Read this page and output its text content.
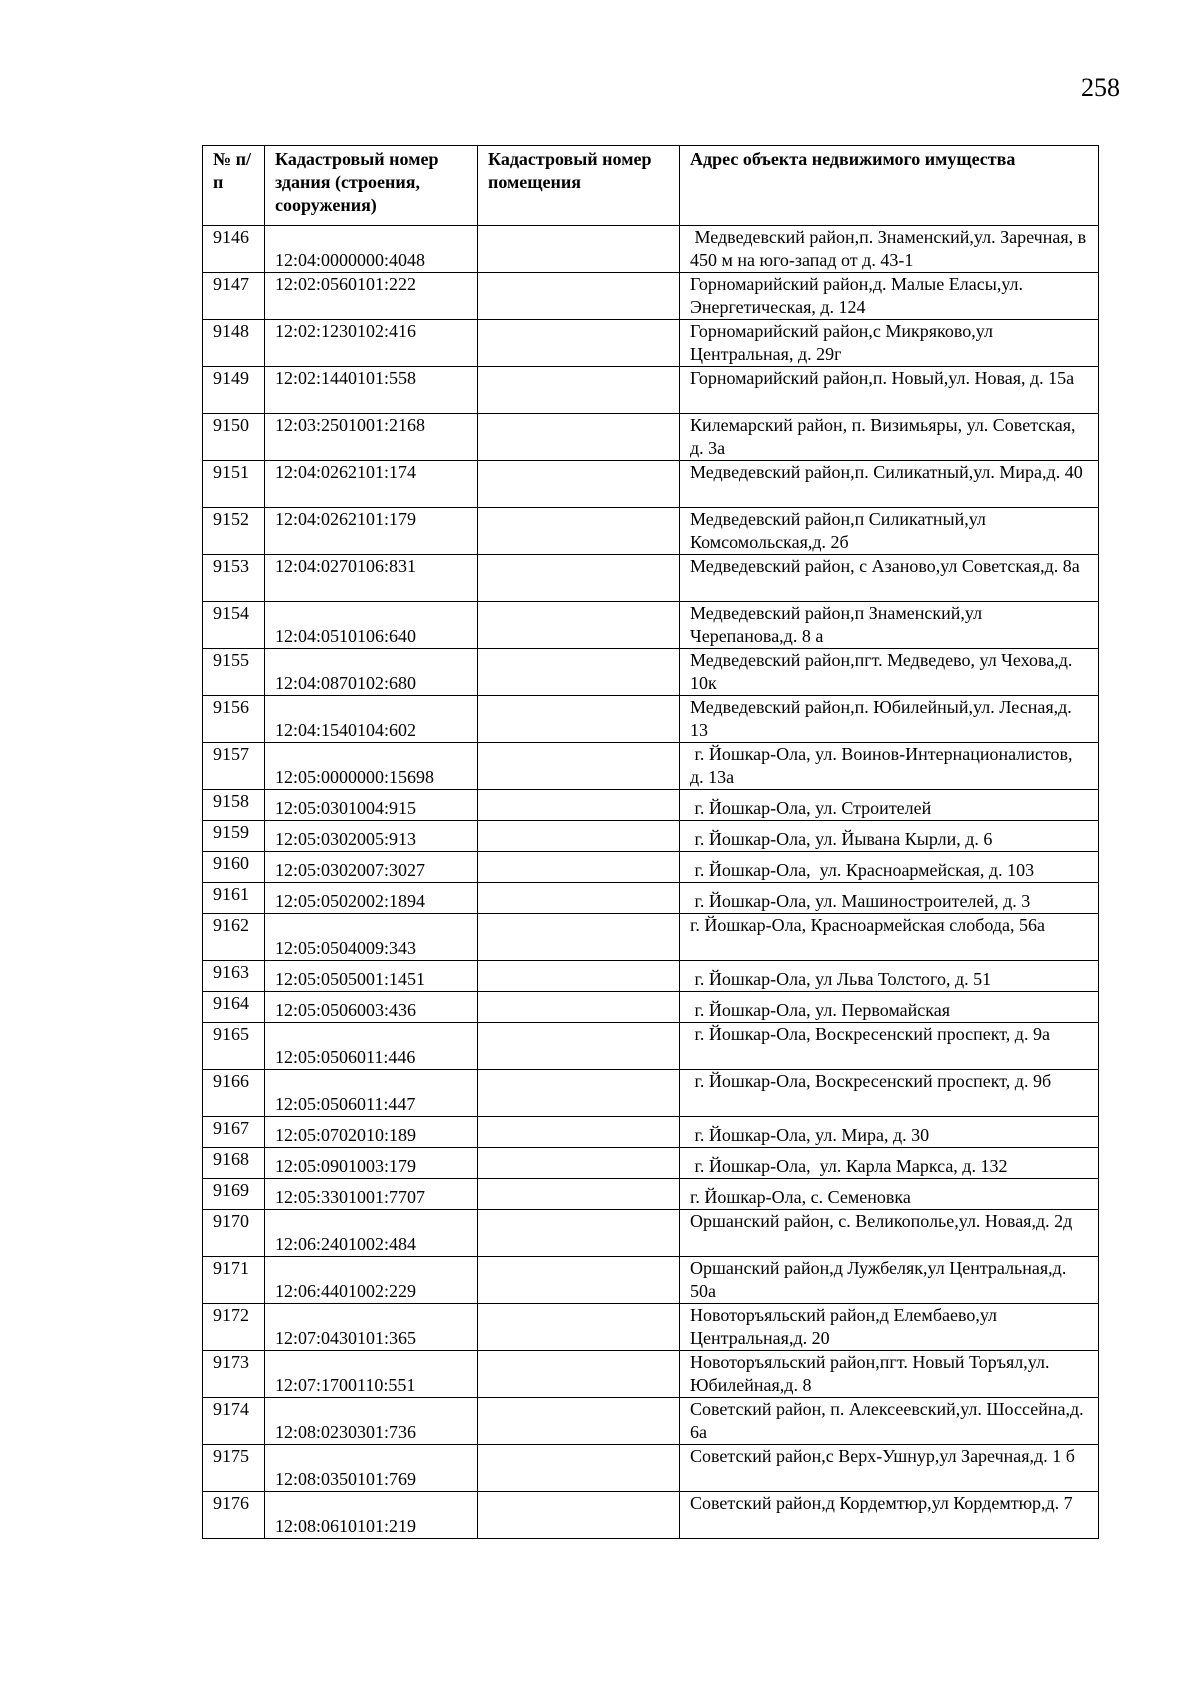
258
№ п/п	Кадастровый номер здания (строения, сооружения)	Кадастровый номер помещения	Адрес объекта недвижимого имущества
9146	12:04:0000000:4048		Медведевский район,п. Знаменский,ул. Заречная, в 450 м на юго-запад от д. 43-1
9147	12:02:0560101:222		Горномарийский район,д. Малые Еласы,ул. Энергетическая, д. 124
9148	12:02:1230102:416		Горномарийский район,с Микряково,ул Центральная, д. 29г
9149	12:02:1440101:558		Горномарийский район,п. Новый,ул. Новая, д. 15а
9150	12:03:2501001:2168		Килемарский район, п. Визимьяры, ул. Советская, д. 3а
9151	12:04:0262101:174		Медведевский район,п. Силикатный,ул. Мира,д. 40
9152	12:04:0262101:179		Медведевский район,п Силикатный,ул Комсомольская,д. 2б
9153	12:04:0270106:831		Медведевский район, с Азаново,ул Советская,д. 8а
9154	12:04:0510106:640		Медведевский район,п Знаменский,ул Черепанова,д. 8 а
9155	12:04:0870102:680		Медведевский район,пгт. Медведево, ул Чехова,д. 10к
9156	12:04:1540104:602		Медведевский район,п. Юбилейный,ул. Лесная,д. 13
9157	12:05:0000000:15698		г. Йошкар-Ола, ул. Воинов-Интернационалистов, д. 13а
9158	12:05:0301004:915		г. Йошкар-Ола, ул. Строителей
9159	12:05:0302005:913		г. Йошкар-Ола, ул. Йывана Кырли, д. 6
9160	12:05:0302007:3027		г. Йошкар-Ола,  ул. Красноармейская, д. 103
9161	12:05:0502002:1894		г. Йошкар-Ола, ул. Машиностроителей, д. 3
9162	12:05:0504009:343		г. Йошкар-Ола, Красноармейская слобода, 56а
9163	12:05:0505001:1451		г. Йошкар-Ола, ул Льва Толстого, д. 51
9164	12:05:0506003:436		г. Йошкар-Ола, ул. Первомайская
9165	12:05:0506011:446		г. Йошкар-Ола, Воскресенский проспект, д. 9а
9166	12:05:0506011:447		г. Йошкар-Ола, Воскресенский проспект, д. 9б
9167	12:05:0702010:189		г. Йошкар-Ола, ул. Мира, д. 30
9168	12:05:0901003:179		г. Йошкар-Ола,  ул. Карла Маркса, д. 132
9169	12:05:3301001:7707		г. Йошкар-Ола, с. Семеновка
9170	12:06:2401002:484		Оршанский район, с. Великополье,ул. Новая,д. 2д
9171	12:06:4401002:229		Оршанский район,д Лужбеляк,ул Центральная,д. 50а
9172	12:07:0430101:365		Новоторъяльский район,д Елембаево,ул Центральная,д. 20
9173	12:07:1700110:551		Новоторъяльский район,пгт. Новый Торъял,ул. Юбилейная,д. 8
9174	12:08:0230301:736		Советский район, п. Алексеевский,ул. Шоссейна,д. 6а
9175	12:08:0350101:769		Советский район,с Верх-Ушнур,ул Заречная,д. 1 б
9176	12:08:0610101:219		Советский район,д Кордемтюр,ул Кордемтюр,д. 7
